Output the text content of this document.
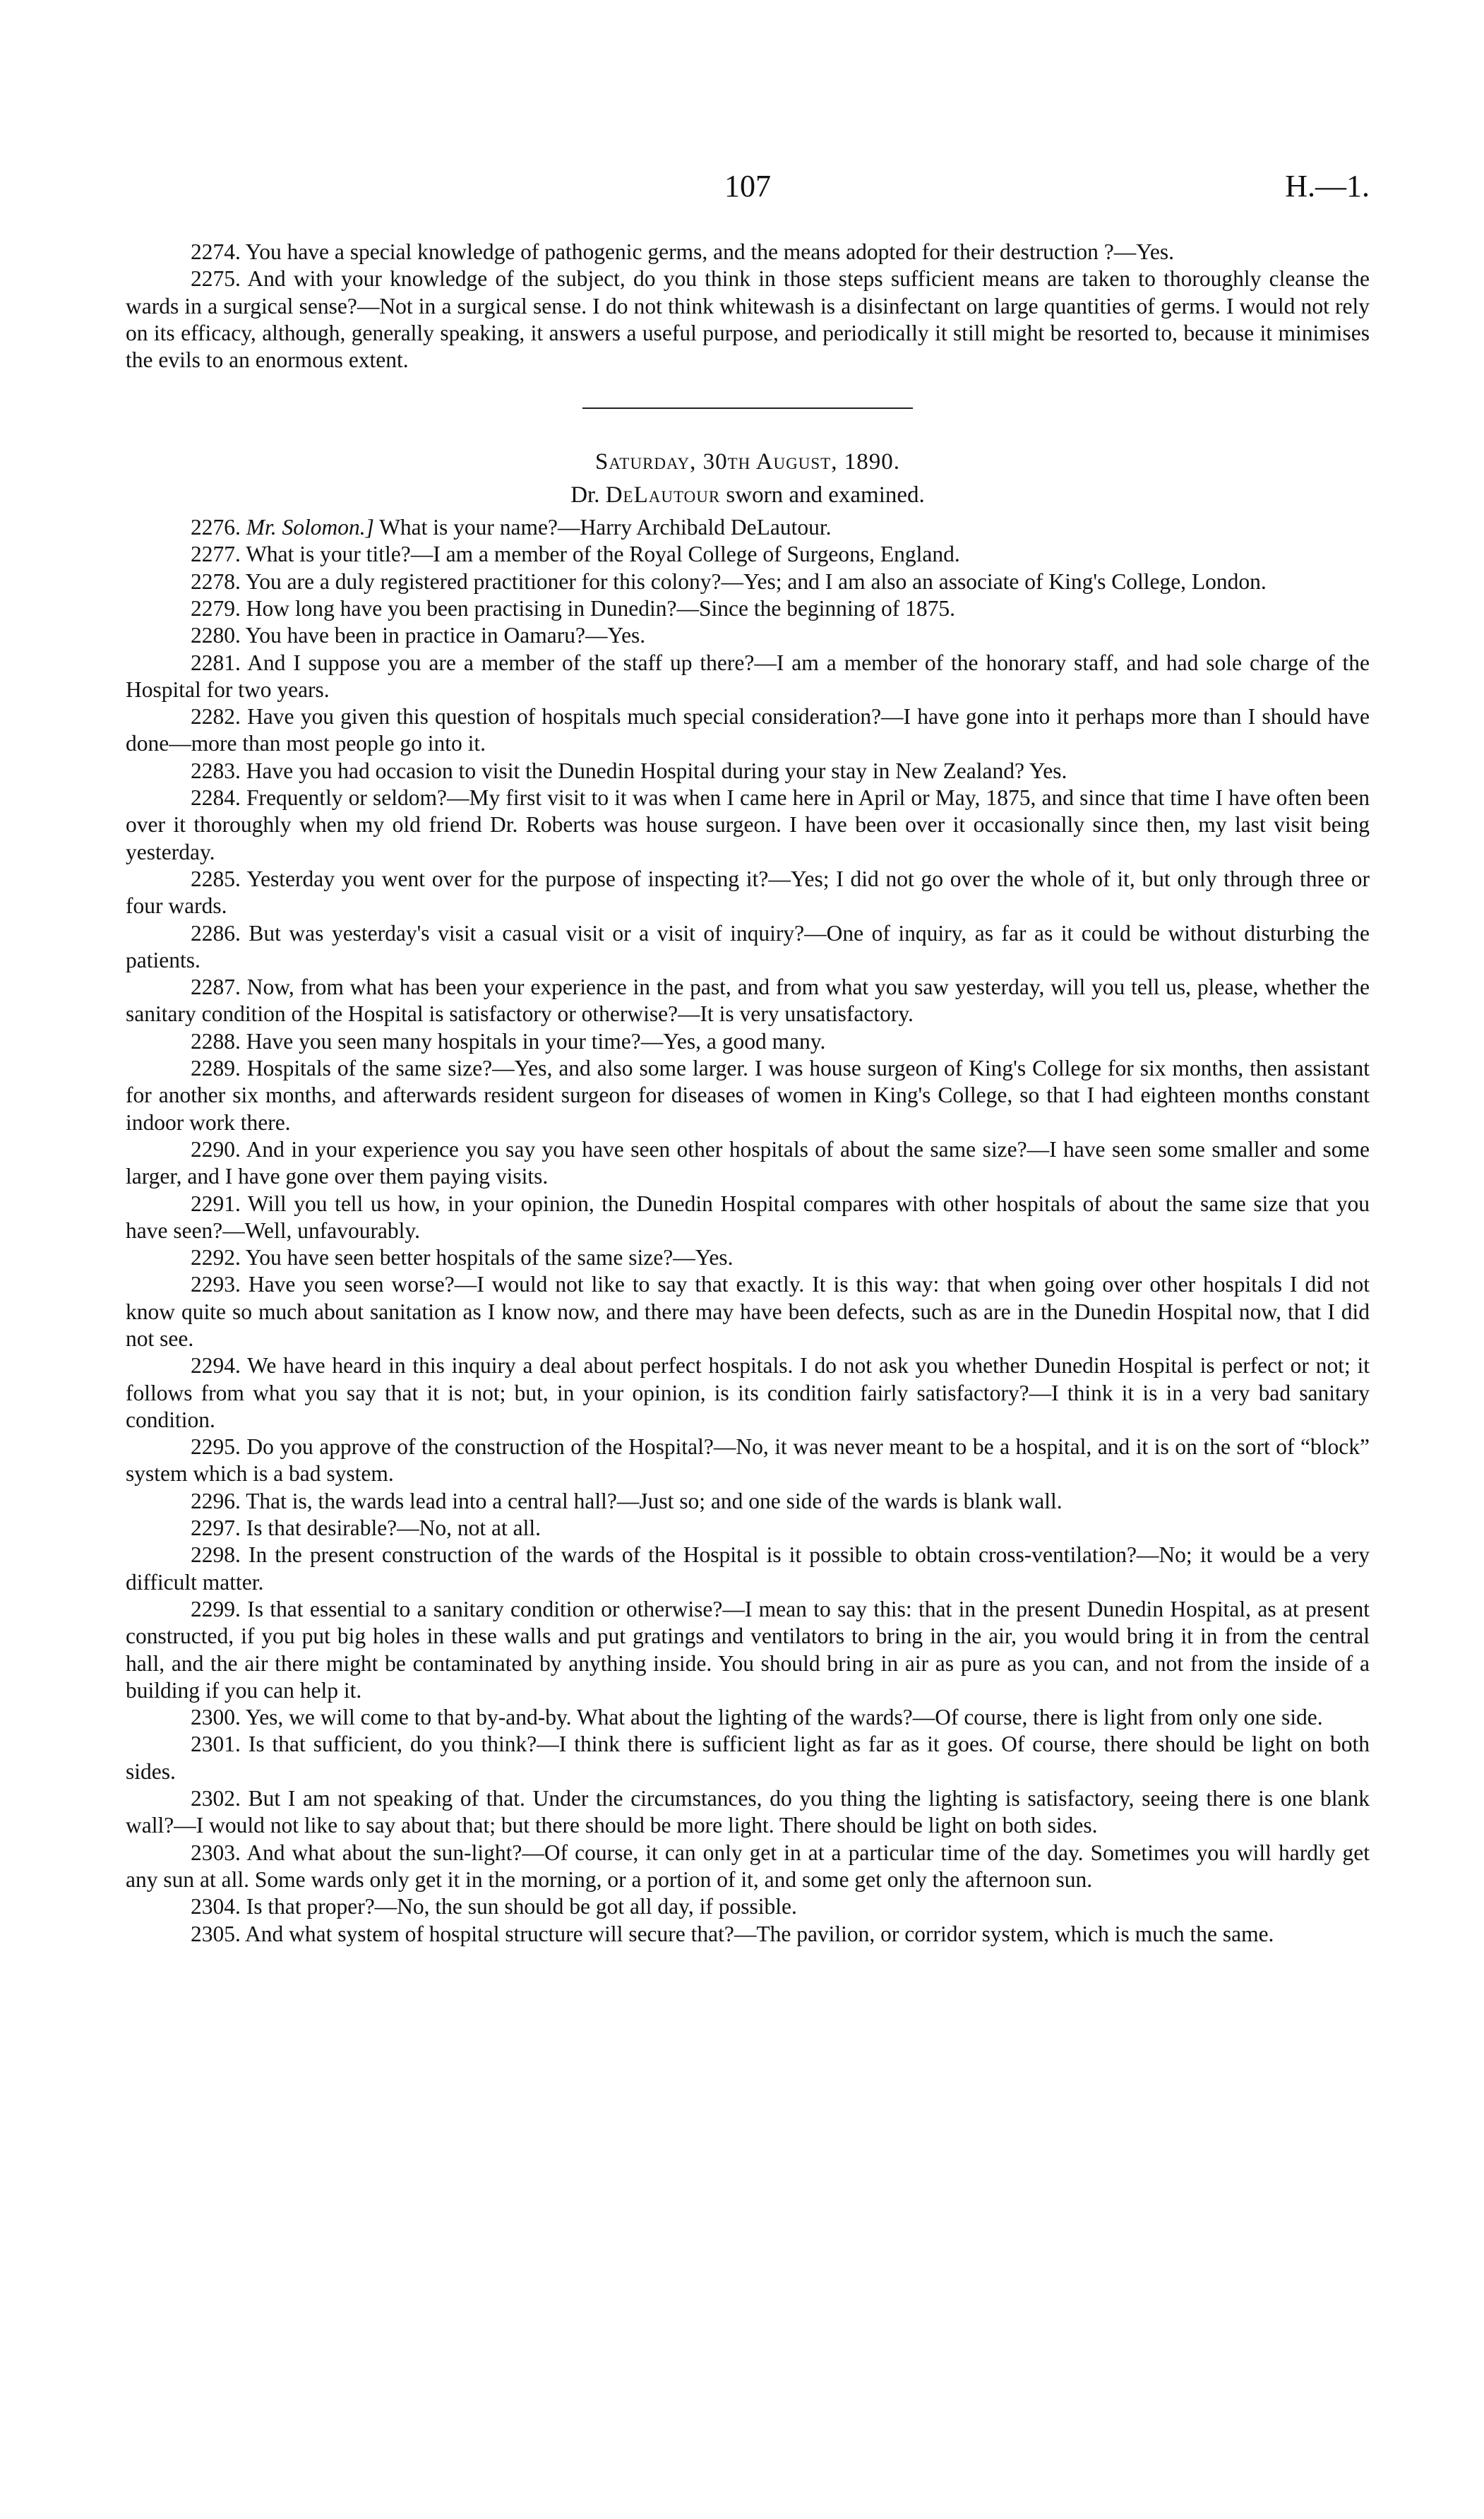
107	H.—1.

2274. You have a special knowledge of pathogenic germs, and the means adopted for their destruction ?—Yes.

2275. And with your knowledge of the subject, do you think in those steps sufficient means are taken to thoroughly cleanse the wards in a surgical sense?—Not in a surgical sense. I do not think whitewash is a disinfectant on large quantities of germs. I would not rely on its efficacy, although, generally speaking, it answers a useful purpose, and periodically it still might be resorted to, because it minimises the evils to an enormous extent.

Saturday, 30th August, 1890.

Dr. DeLautour sworn and examined.

2276. Mr. Solomon.] What is your name?—Harry Archibald DeLautour.

2277. What is your title?—I am a member of the Royal College of Surgeons, England.

2278. You are a duly registered practitioner for this colony?—Yes; and I am also an associate of King's College, London.

2279. How long have you been practising in Dunedin?—Since the beginning of 1875.

2280. You have been in practice in Oamaru?—Yes.

2281. And I suppose you are a member of the staff up there?—I am a member of the honorary staff, and had sole charge of the Hospital for two years.

2282. Have you given this question of hospitals much special consideration?—I have gone into it perhaps more than I should have done—more than most people go into it.

2283. Have you had occasion to visit the Dunedin Hospital during your stay in New Zealand? Yes.

2284. Frequently or seldom?—My first visit to it was when I came here in April or May, 1875, and since that time I have often been over it thoroughly when my old friend Dr. Roberts was house surgeon. I have been over it occasionally since then, my last visit being yesterday.

2285. Yesterday you went over for the purpose of inspecting it?—Yes; I did not go over the whole of it, but only through three or four wards.

2286. But was yesterday's visit a casual visit or a visit of inquiry?—One of inquiry, as far as it could be without disturbing the patients.

2287. Now, from what has been your experience in the past, and from what you saw yesterday, will you tell us, please, whether the sanitary condition of the Hospital is satisfactory or otherwise?—It is very unsatisfactory.

2288. Have you seen many hospitals in your time?—Yes, a good many.

2289. Hospitals of the same size?—Yes, and also some larger. I was house surgeon of King's College for six months, then assistant for another six months, and afterwards resident surgeon for diseases of women in King's College, so that I had eighteen months constant indoor work there.

2290. And in your experience you say you have seen other hospitals of about the same size?—I have seen some smaller and some larger, and I have gone over them paying visits.

2291. Will you tell us how, in your opinion, the Dunedin Hospital compares with other hospitals of about the same size that you have seen?—Well, unfavourably.

2292. You have seen better hospitals of the same size?—Yes.

2293. Have you seen worse?—I would not like to say that exactly. It is this way: that when going over other hospitals I did not know quite so much about sanitation as I know now, and there may have been defects, such as are in the Dunedin Hospital now, that I did not see.

2294. We have heard in this inquiry a deal about perfect hospitals. I do not ask you whether Dunedin Hospital is perfect or not; it follows from what you say that it is not; but, in your opinion, is its condition fairly satisfactory?—I think it is in a very bad sanitary condition.

2295. Do you approve of the construction of the Hospital?—No, it was never meant to be a hospital, and it is on the sort of “block” system which is a bad system.

2296. That is, the wards lead into a central hall?—Just so; and one side of the wards is blank wall.

2297. Is that desirable?—No, not at all.

2298. In the present construction of the wards of the Hospital is it possible to obtain cross-ventilation?—No; it would be a very difficult matter.

2299. Is that essential to a sanitary condition or otherwise?—I mean to say this: that in the present Dunedin Hospital, as at present constructed, if you put big holes in these walls and put gratings and ventilators to bring in the air, you would bring it in from the central hall, and the air there might be contaminated by anything inside. You should bring in air as pure as you can, and not from the inside of a building if you can help it.

2300. Yes, we will come to that by-and-by. What about the lighting of the wards?—Of course, there is light from only one side.

2301. Is that sufficient, do you think?—I think there is sufficient light as far as it goes. Of course, there should be light on both sides.

2302. But I am not speaking of that. Under the circumstances, do you thing the lighting is satisfactory, seeing there is one blank wall?—I would not like to say about that; but there should be more light. There should be light on both sides.

2303. And what about the sun-light?—Of course, it can only get in at a particular time of the day. Sometimes you will hardly get any sun at all. Some wards only get it in the morning, or a portion of it, and some get only the afternoon sun.

2304. Is that proper?—No, the sun should be got all day, if possible.

2305. And what system of hospital structure will secure that?—The pavilion, or corridor system, which is much the same.
